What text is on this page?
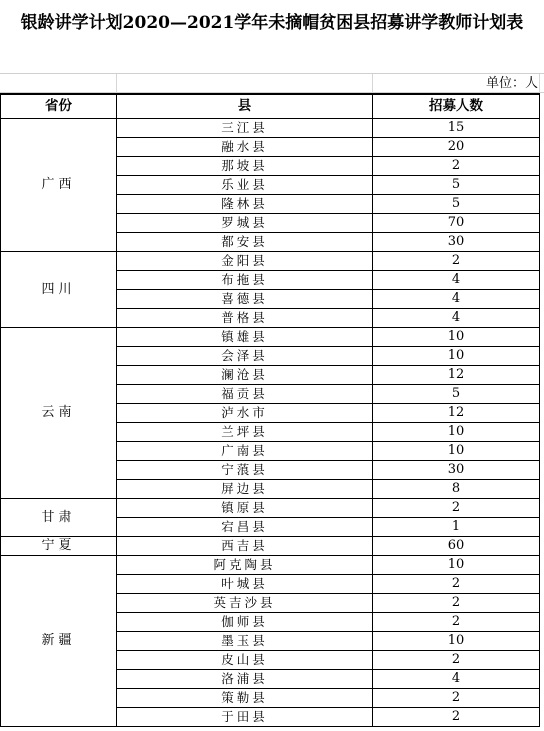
银龄讲学计划2020—2021学年未摘帽贫困县招募讲学教师计划表
单位：人
省份	县	招募人数
广西	三江县	15
	融水县	20
	那坡县	2
	乐业县	5
	隆林县	5
	罗城县	70
	都安县	30
四川	金阳县	2
	布拖县	4
	喜德县	4
	普格县	4
云南	镇雄县	10
	会泽县	10
	澜沧县	12
	福贡县	5
	泸水市	12
	兰坪县	10
	广南县	10
	宁蒗县	30
	屏边县	8
甘肃	镇原县	2
	宕昌县	1
宁夏	西吉县	60
新疆	阿克陶县	10
	叶城县	2
	英吉沙县	2
	伽师县	2
	墨玉县	10
	皮山县	2
	洛浦县	4
	策勒县	2
	于田县	2
